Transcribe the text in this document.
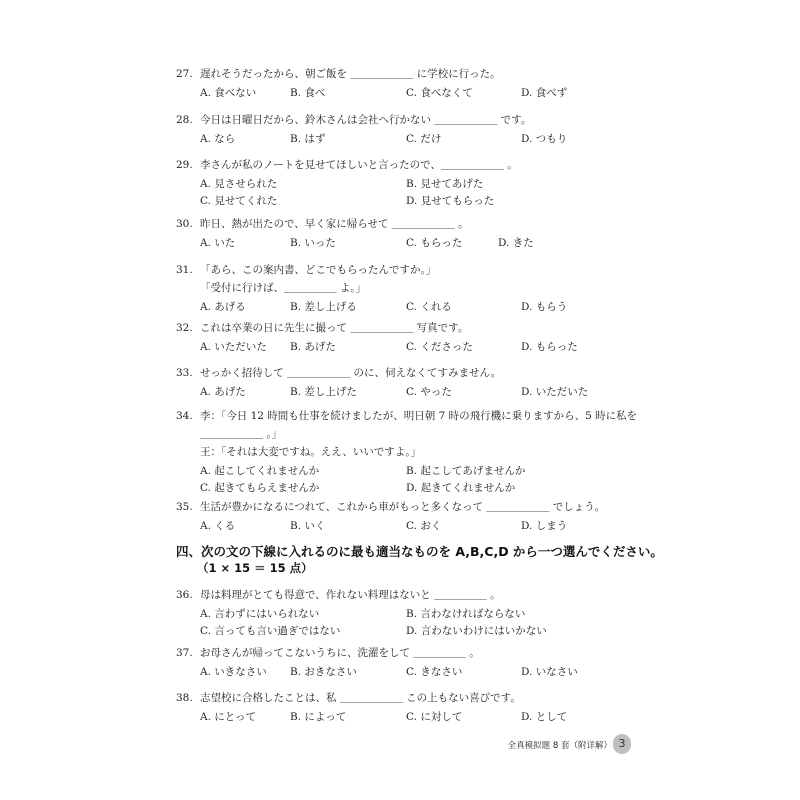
27. 遅れそうだったから、朝ご飯を ＿＿＿＿＿＿ に学校に行った。
A. 食べない	B. 食べ	C. 食べなくて	D. 食べず
28. 今日は日曜日だから、鈴木さんは会社へ行かない ＿＿＿＿＿＿ です。
A. なら	B. はず	C. だけ	D. つもり
29. 李さんが私のノートを見せてほしいと言ったので、＿＿＿＿＿＿ 。
A. 見させられた	B. 見せてあげた
C. 見せてくれた	D. 見せてもらった
30. 昨日、熱が出たので、早く家に帰らせて ＿＿＿＿＿＿ 。
A. いた	B. いった	C. もらった	D. きた
31. 「あら、この案内書、どこでもらったんですか。」
「受付に行けば、＿＿＿＿＿ よ。」
A. あげる	B. 差し上げる	C. くれる	D. もらう
32. これは卒業の日に先生に撮って ＿＿＿＿＿＿ 写真です。
A. いただいた B. あげた	C. くださった	D. もらった
33. せっかく招待して ＿＿＿＿＿＿ のに、伺えなくてすみません。
A. あげた	B. 差し上げた	C. やった	D. いただいた
34. 李：「今日 12 時間も仕事を続けましたが、明日朝 7 時の飛行機に乗りますから、5 時に私を
＿＿＿＿＿＿ 。」
王：「それは大変ですね。ええ、いいですよ。」
A. 起こしてくれませんか	B. 起こしてあげませんか
C. 起きてもらえませんか	D. 起きてくれませんか
35. 生活が豊かになるにつれて、これから車がもっと多くなって ＿＿＿＿＿＿ でしょう。
A. くる	B. いく	C. おく	D. しまう
四、次の文の下線に入れるのに最も適当なものを A,B,C,D から一つ選んでください。
（1 × 15 ＝ 15 点）
36. 母は料理がとても得意で、作れない料理はないと ＿＿＿＿＿ 。
A. 言わずにはいられない	B. 言わなければならない
C. 言っても言い過ぎではない	D. 言わないわけにはいかない
37. お母さんが帰ってこないうちに、洗濯をして ＿＿＿＿＿ 。
A. いきなさい B. おきなさい	C. きなさい	D. いなさい
38. 志望校に合格したことは、私 ＿＿＿＿＿＿ この上もない喜びです。
A. にとって	B. によって	C. に対して	D. として
全真模拟题 8 套（附详解） 3
